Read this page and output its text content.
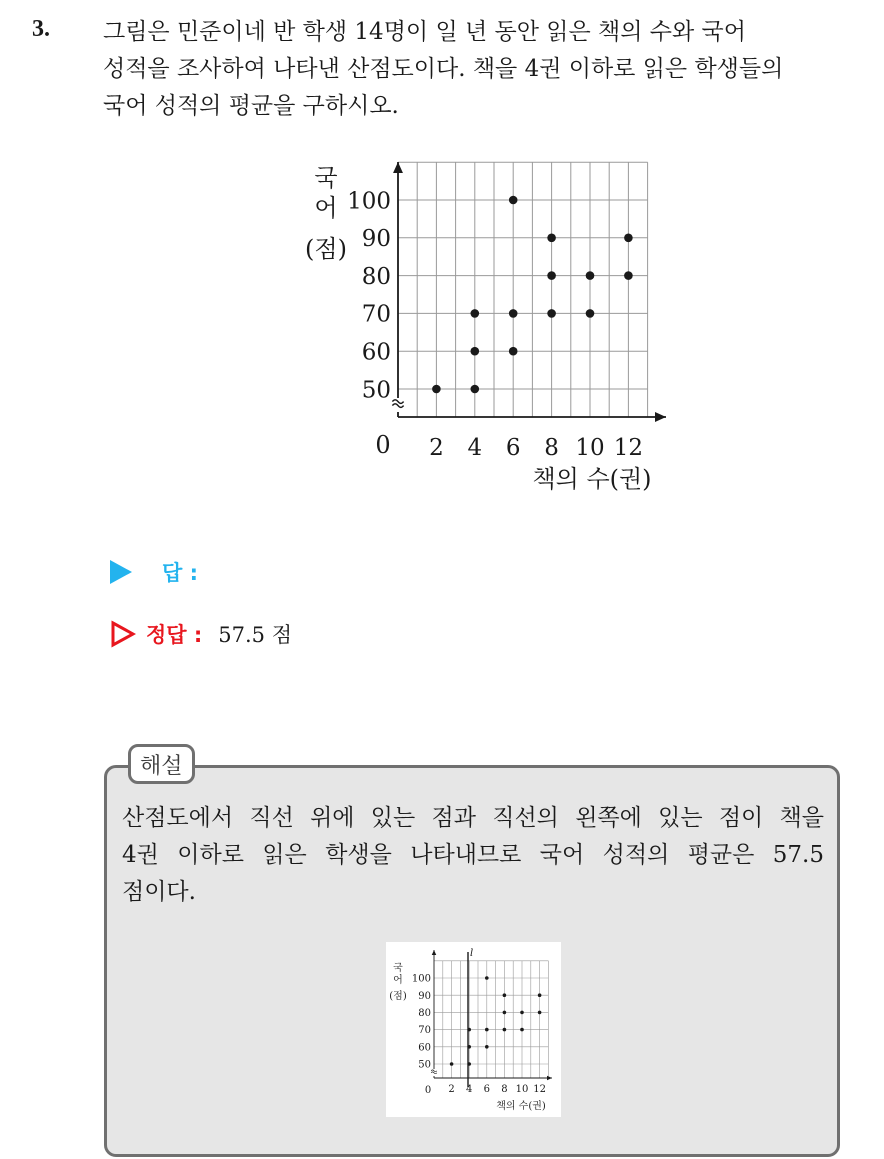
3. 그림은 민준이네 반 학생 14명이 일 년 동안 읽은 책의 수와 국어
성적을 조사하여 나타낸 산점도이다. 책을 4권 이하로 읽은 학생들의
국어 성적의 평균을 구하시오.
2 4 6 8 10 12
50
60
70
80
90
100
국
어
(점)
0
책의 수(권)
답 :
정답 : 57.5 점
해설
산점도에서 직선 위에 있는 점과 직선의 왼쪽에 있는 점이 책을
4권 이하로 읽은 학생을 나타내므로 국어 성적의 평균은 57.5
점이다.
2 4 6 8 10 12
50
60
70
80
90
100
l
국
어
(점)
0
책의 수(권)
